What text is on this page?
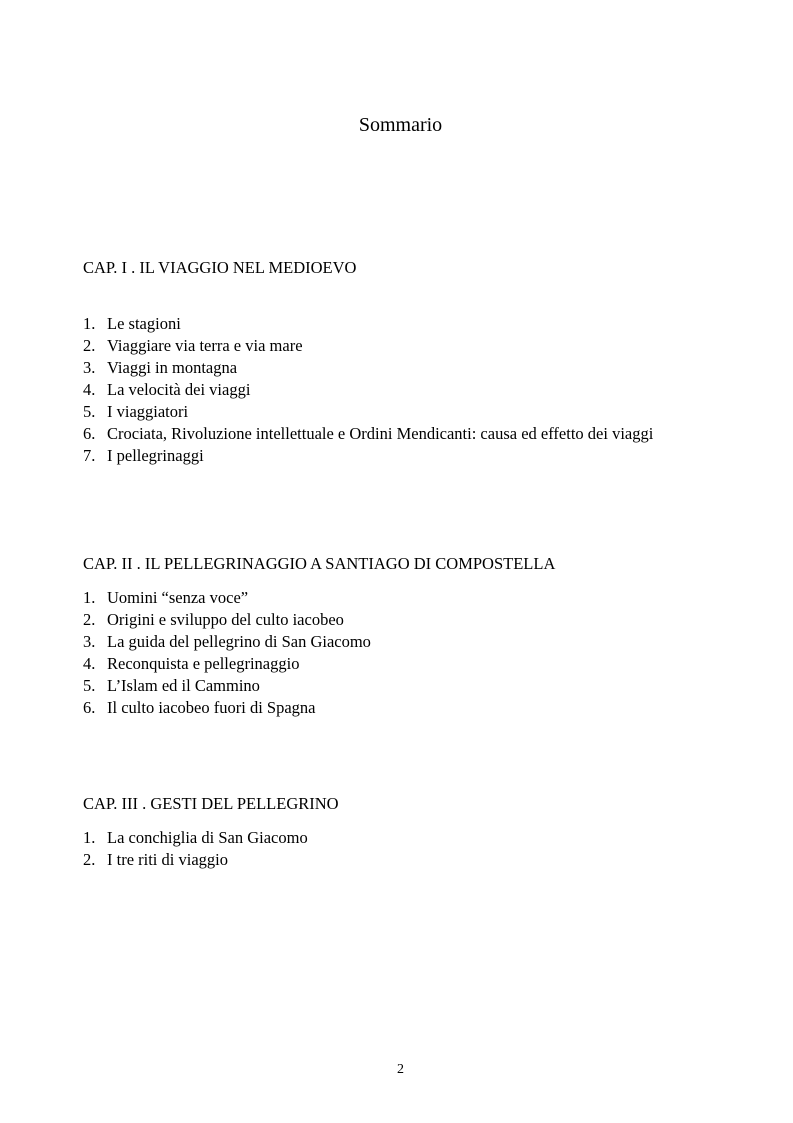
Sommario
CAP. I . IL VIAGGIO NEL MEDIOEVO
1. Le stagioni
2. Viaggiare via terra e via mare
3. Viaggi in montagna
4. La velocità dei viaggi
5. I viaggiatori
6. Crociata, Rivoluzione intellettuale e Ordini Mendicanti: causa ed effetto dei viaggi
7. I pellegrinaggi
CAP. II . IL PELLEGRINAGGIO A SANTIAGO DI COMPOSTELLA
1. Uomini “senza voce”
2. Origini e sviluppo del culto iacobeo
3. La guida del pellegrino di San Giacomo
4. Reconquista e pellegrinaggio
5. L’Islam ed il Cammino
6. Il culto iacobeo fuori di Spagna
CAP. III . GESTI DEL PELLEGRINO
1. La conchiglia di San Giacomo
2. I tre riti di viaggio
2
